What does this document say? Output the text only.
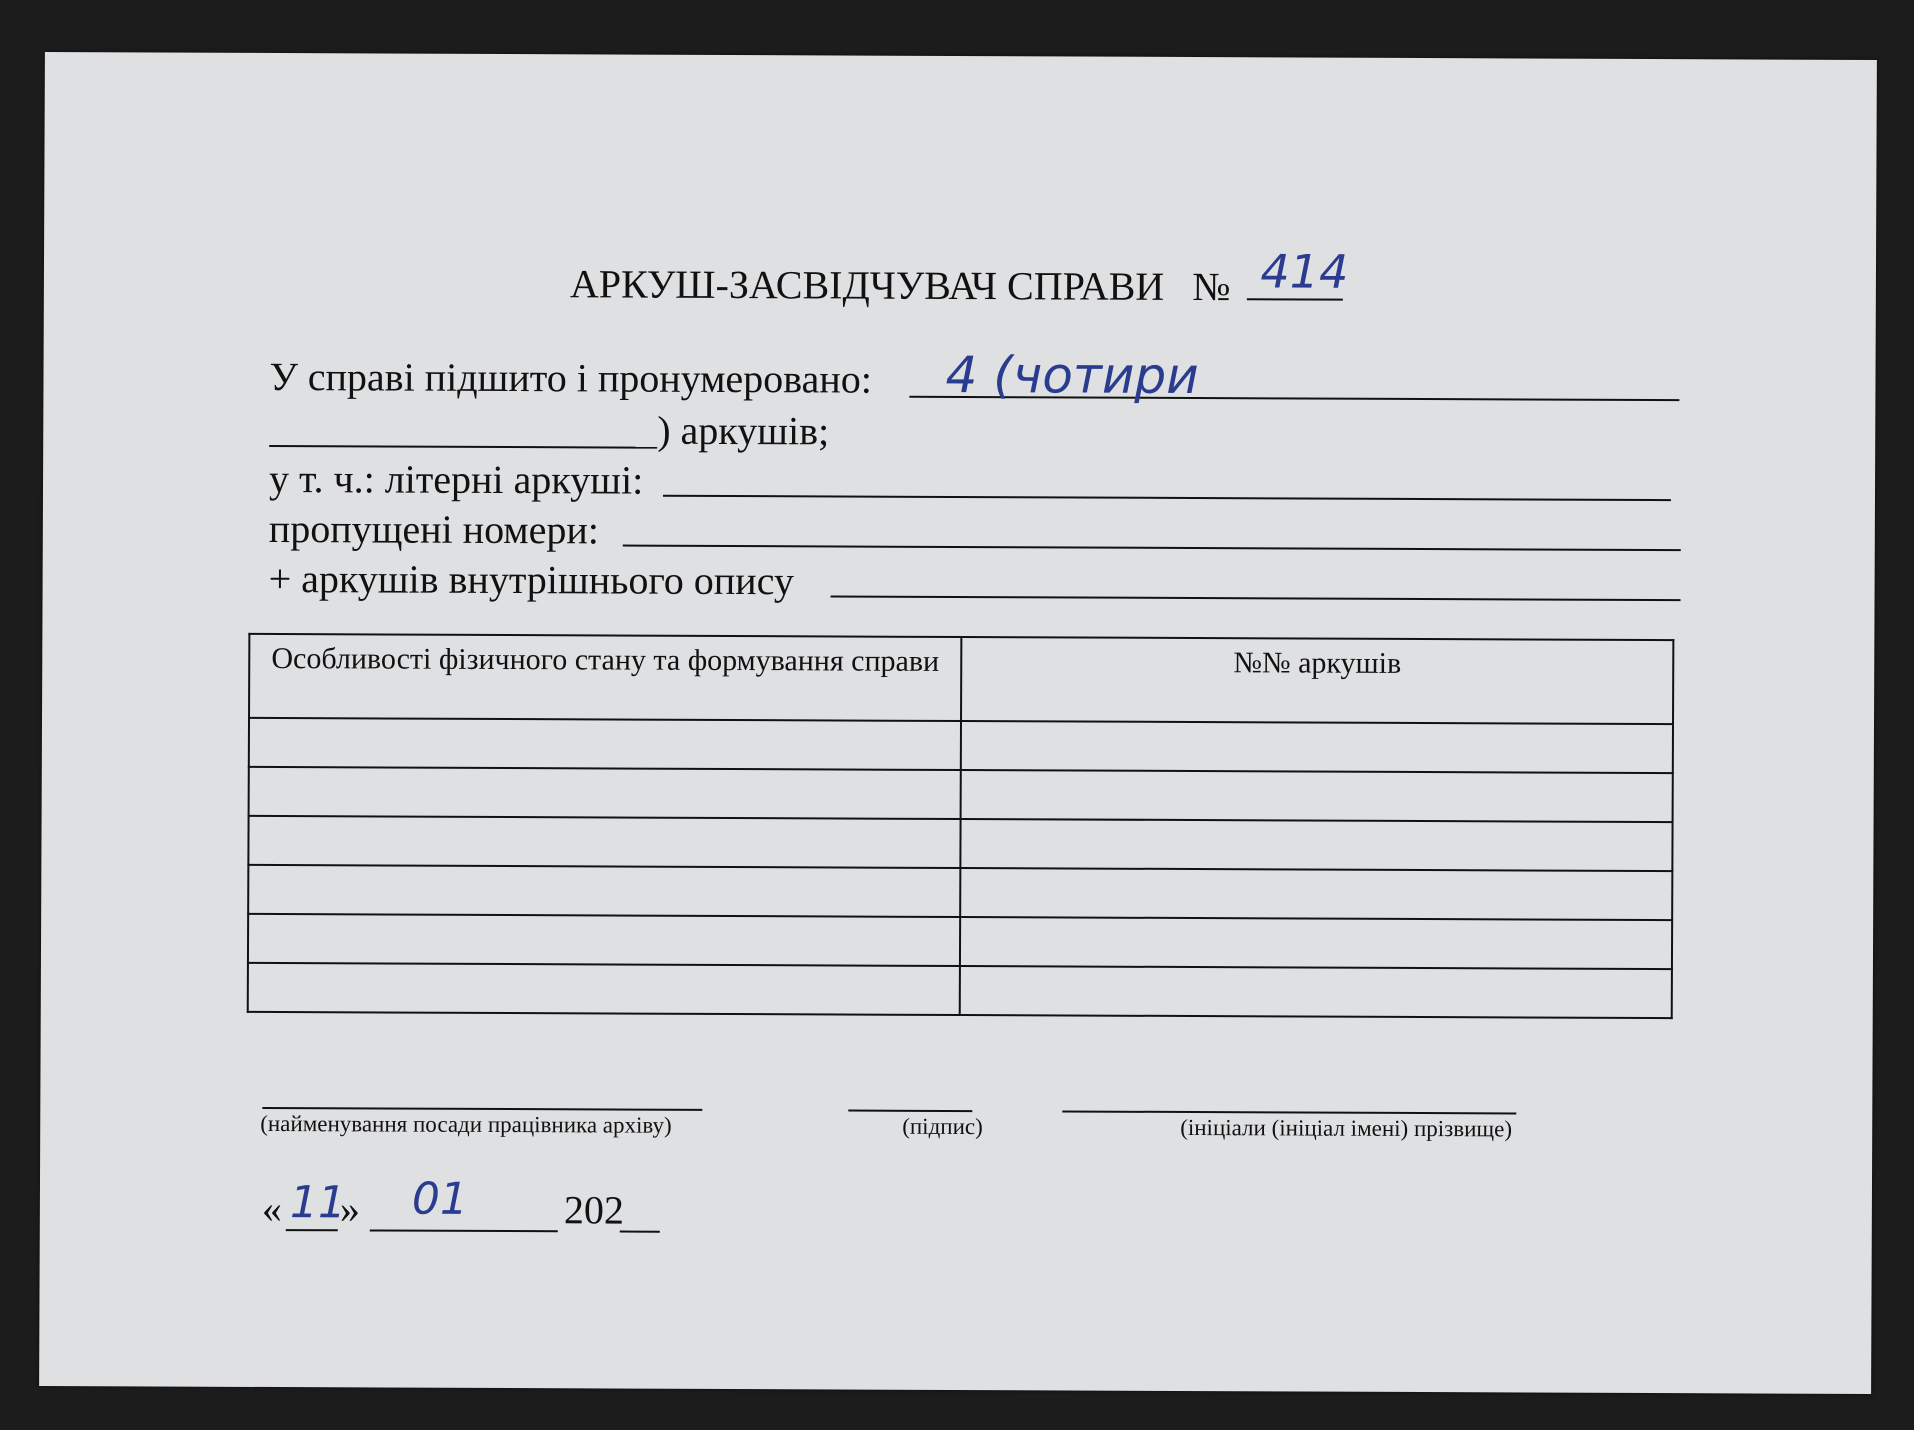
АРКУШ-ЗАСВІДЧУВАЧ СПРАВИ № 414
У справі підшито і пронумеровано: 4 (чотири
) аркушів;
у т. ч.: літерні аркуші:
пропущені номери:
+ аркушів внутрішнього опису
Особливості фізичного стану та формування справи	№№ аркушів

(найменування посади працівника архіву)	(підпис)	(ініціали (ініціал імені) прізвище)
« 11
» 01 202
